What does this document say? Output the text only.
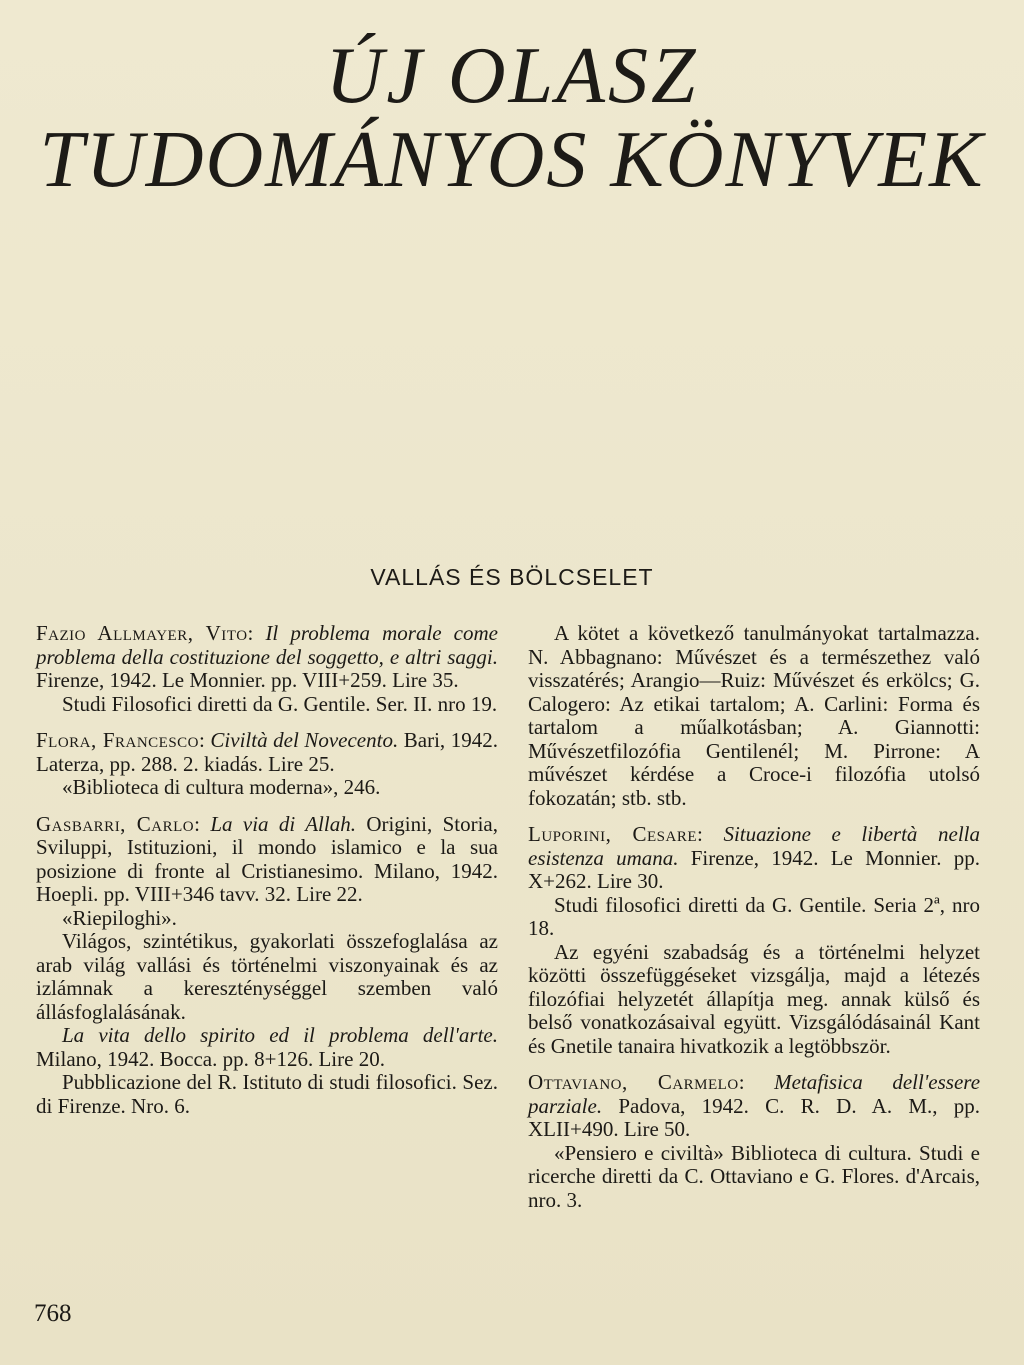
ÚJ OLASZ
TUDOMÁNYOS KÖNYVEK
VALLÁS ÉS BÖLCSELET

Fazio Allmayer, Vito: Il problema morale come problema della costituzione del soggetto, e altri saggi. Firenze, 1942. Le Monnier. pp. VIII+259. Lire 35.

Studi Filosofici diretti da G. Gentile. Ser. II. nro 19.

Flora, Francesco: Civiltà del Novecento. Bari, 1942. Laterza, pp. 288. 2. kiadás. Lire 25.

«Biblioteca di cultura moderna», 246.

Gasbarri, Carlo: La via di Allah. Origini, Storia, Sviluppi, Istituzioni, il mondo islamico e la sua posizione di fronte al Cristianesimo. Milano, 1942. Hoepli. pp. VIII+346 tavv. 32. Lire 22.

«Riepiloghi».

Világos, szintétikus, gyakorlati összefoglalása az arab világ vallási és történelmi viszonyainak és az izlámnak a kereszténységgel szemben való állásfoglalásának.

La vita dello spirito ed il problema dell'arte. Milano, 1942. Bocca. pp. 8+126. Lire 20.

Pubblicazione del R. Istituto di studi filosofici. Sez. di Firenze. Nro. 6.

A kötet a következő tanulmányokat tartalmazza. N. Abbagnano: Művészet és a természethez való visszatérés; Arangio—Ruiz: Művészet és erkölcs; G. Calogero: Az etikai tartalom; A. Carlini: Forma és tartalom a műalkotásban; A. Giannotti: Művészetfilozófia Gentilenél; M. Pirrone: A művészet kérdése a Croce-i filozófia utolsó fokozatán; stb. stb.

Luporini, Cesare: Situazione e libertà nella esistenza umana. Firenze, 1942. Le Monnier. pp. X+262. Lire 30.

Studi filosofici diretti da G. Gentile. Seria 2ª, nro 18.

Az egyéni szabadság és a történelmi helyzet közötti összefüggéseket vizsgálja, majd a létezés filozófiai helyzetét állapítja meg. annak külső és belső vonatkozásaival együtt. Vizsgálódásainál Kant és Gnetile tanaira hivatkozik a legtöbbször.

Ottaviano, Carmelo: Metafisica dell'essere parziale. Padova, 1942. C. R. D. A. M., pp. XLII+490. Lire 50.

«Pensiero e civiltà» Biblioteca di cultura. Studi e ricerche diretti da C. Ottaviano e G. Flores. d'Arcais, nro. 3.

768
